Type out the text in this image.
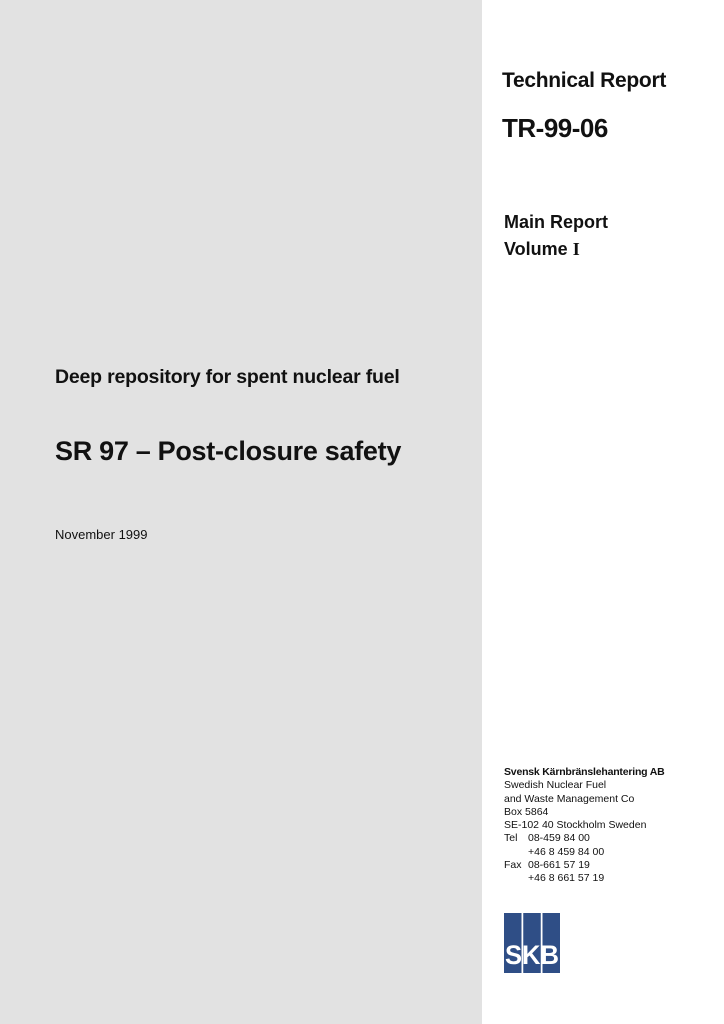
Technical Report
TR-99-06
Main Report
Volume I
Deep repository for spent nuclear fuel
SR 97 – Post-closure safety
November 1999
Svensk Kärnbränslehantering AB
Swedish Nuclear Fuel
and Waste Management Co
Box 5864
SE-102 40 Stockholm Sweden
Tel	08-459 84 00
+46 8 459 84 00
Fax 08-661 57 19
+46 8 661 57 19
SKB
